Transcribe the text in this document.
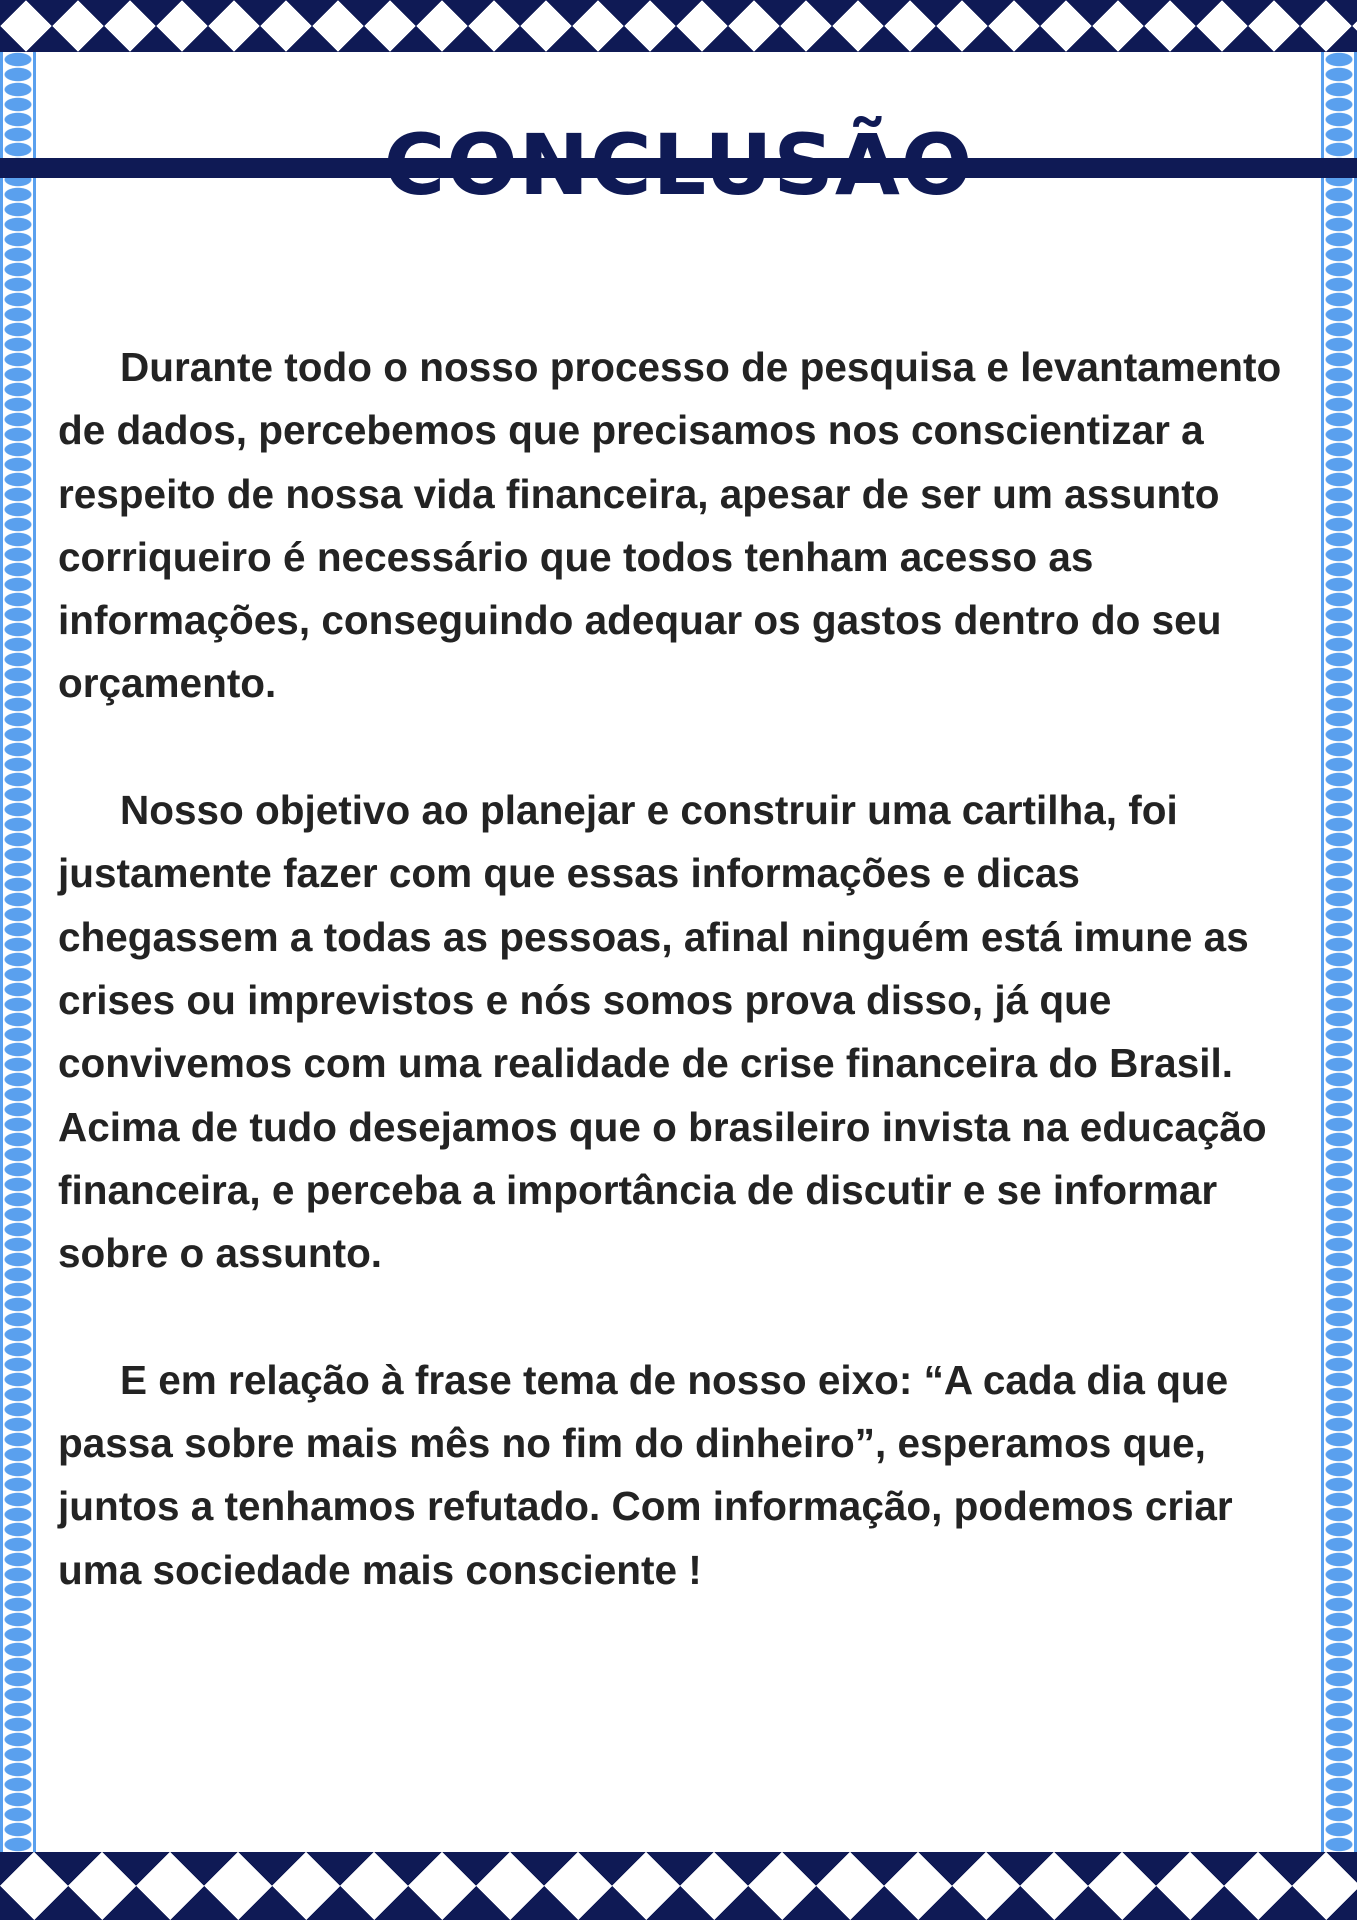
Durante todo o nosso processo de pesquisa e levantamento de dados, percebemos que precisamos nos conscientizar a respeito de nossa vida financeira, apesar de ser um assunto corriqueiro é necessário que todos tenham acesso as informações, conseguindo adequar os gastos dentro do seu orçamento.

Nosso objetivo ao planejar e construir uma cartilha, foi justamente fazer com que essas informações e dicas chegassem a todas as pessoas, afinal ninguém está imune as crises ou imprevistos e nós somos prova disso, já que convivemos com uma realidade de crise financeira do Brasil. Acima de tudo desejamos que o brasileiro invista na educação financeira, e perceba a importância de discutir e se informar sobre o assunto.

E em relação à frase tema de nosso eixo: “A cada dia que passa sobre mais mês no fim do dinheiro”, esperamos que, juntos a tenhamos refutado. Com informação, podemos criar uma sociedade mais consciente !
